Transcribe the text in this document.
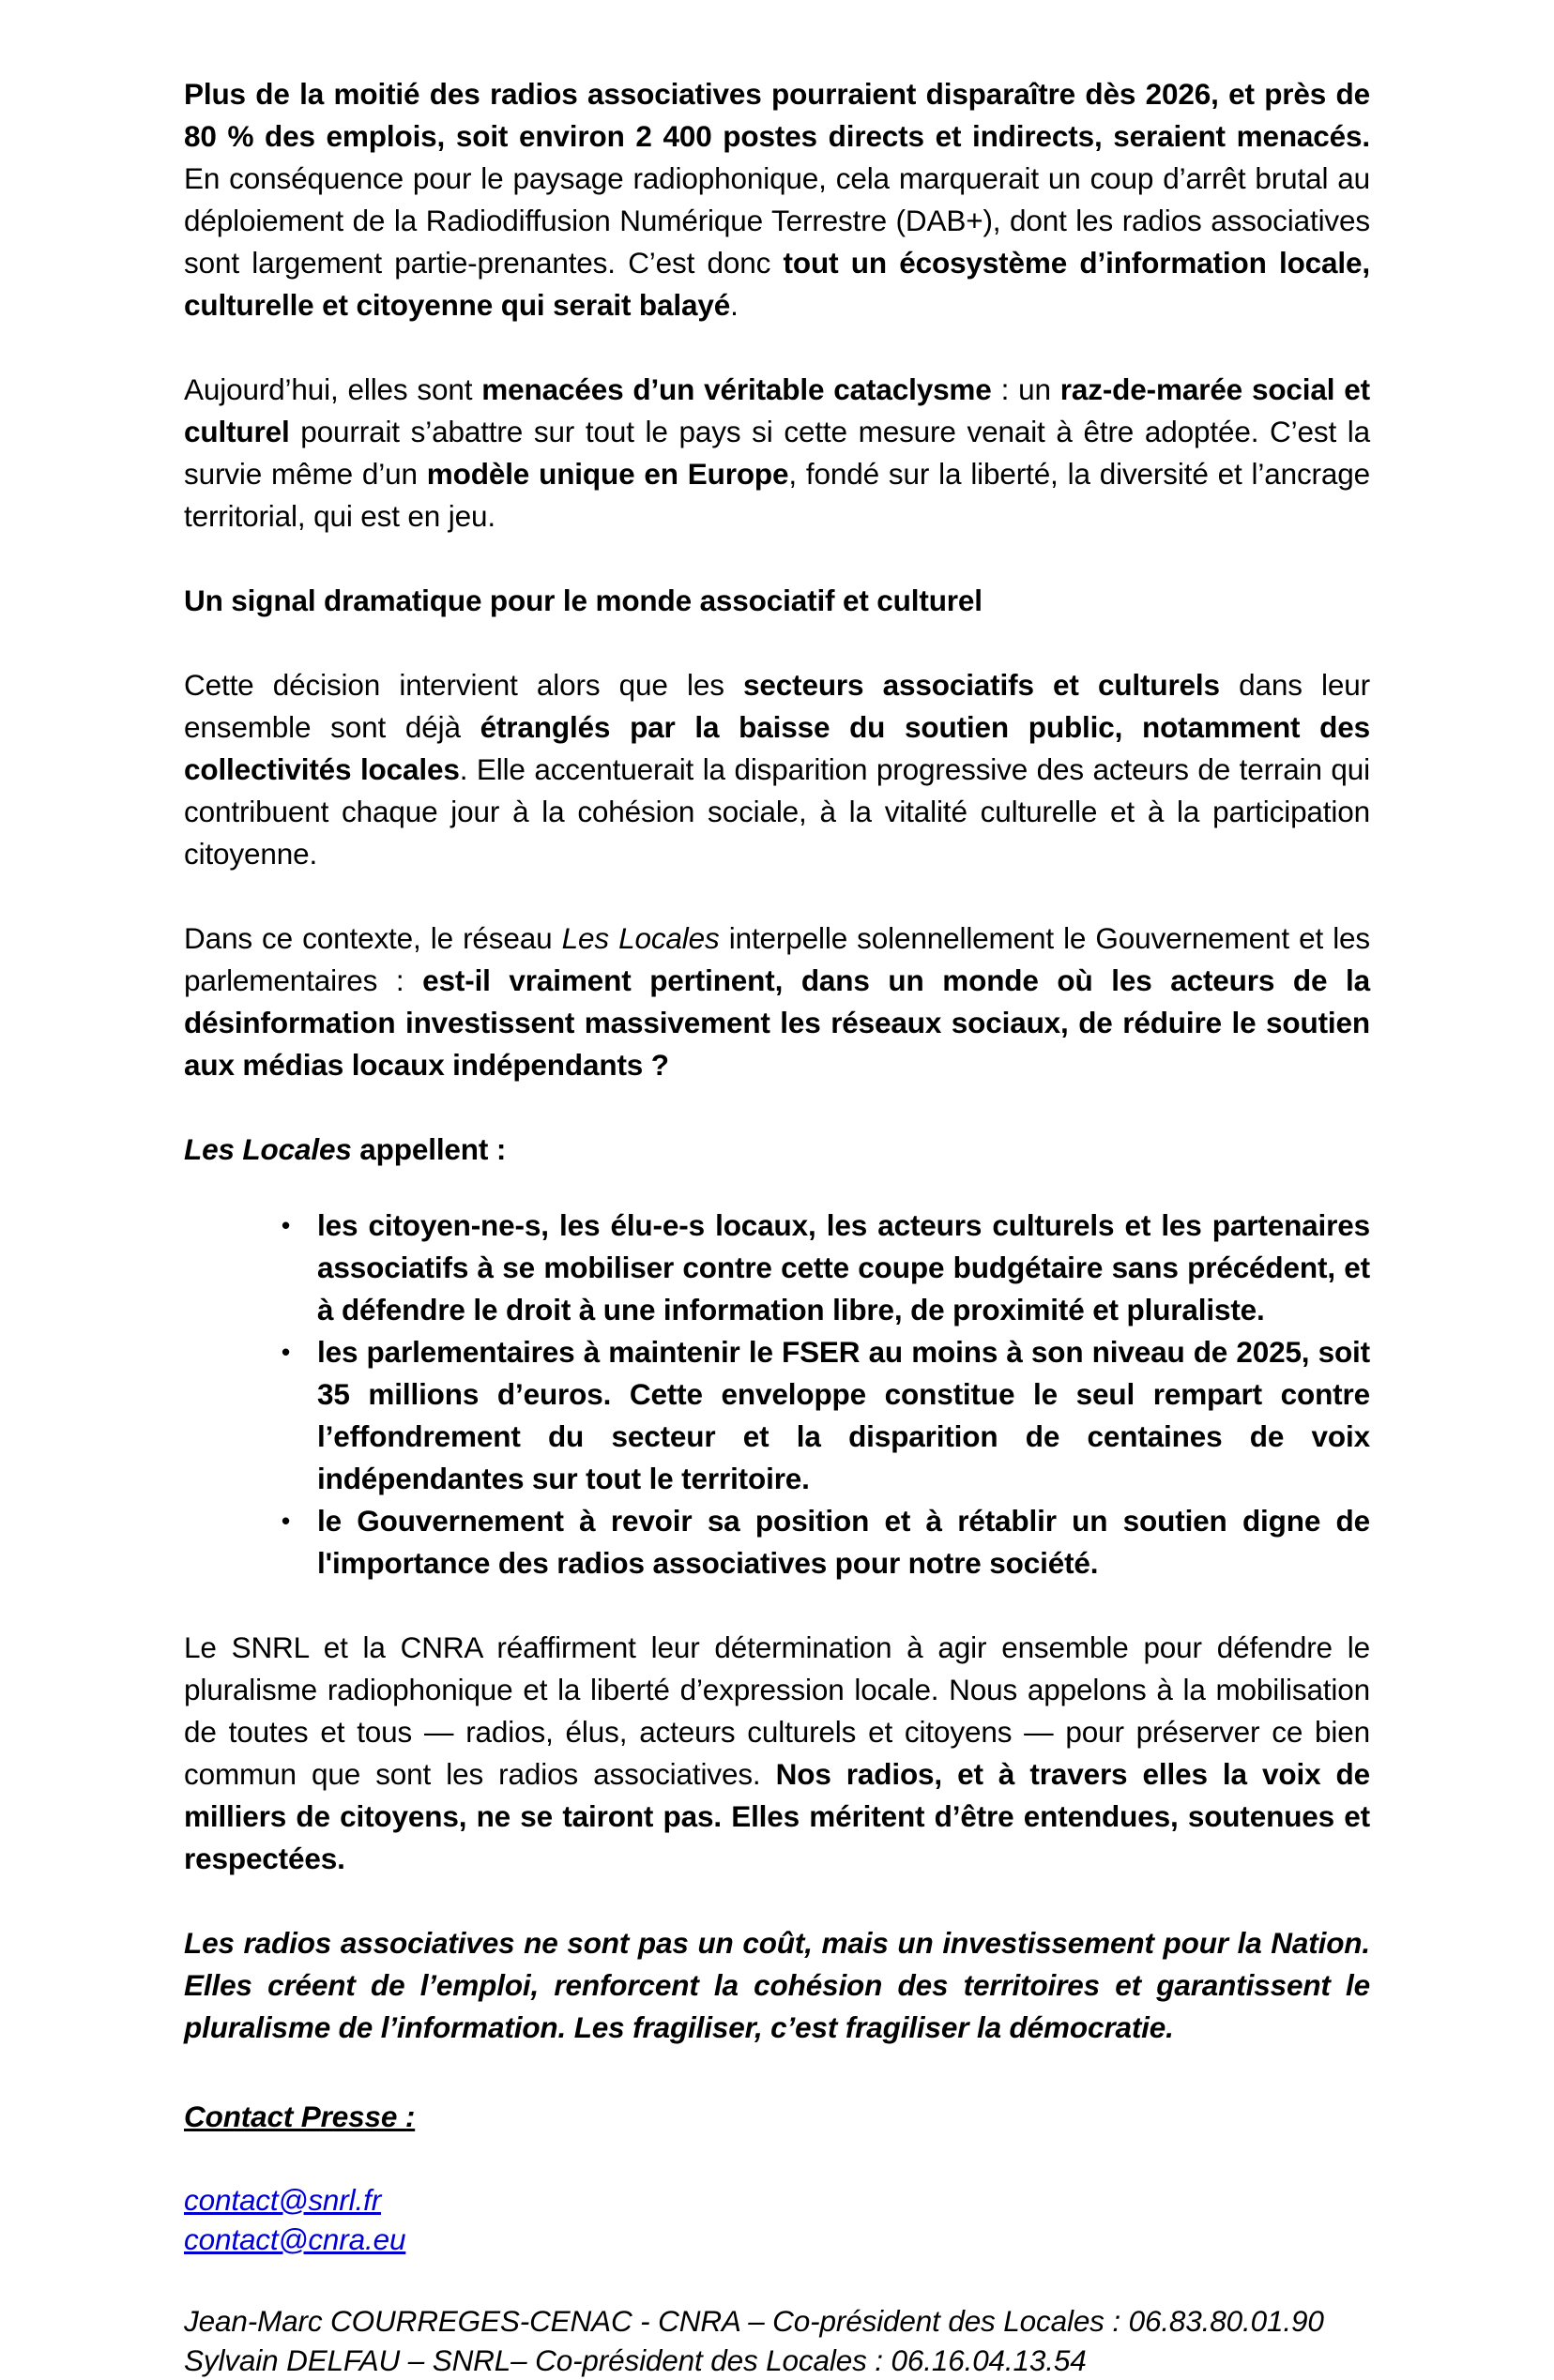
Plus de la moitié des radios associatives pourraient disparaître dès 2026, et près de 80 % des emplois, soit environ 2 400 postes directs et indirects, seraient menacés. En conséquence pour le paysage radiophonique, cela marquerait un coup d’arrêt brutal au déploiement de la Radiodiffusion Numérique Terrestre (DAB+), dont les radios associatives sont largement partie-prenantes. C’est donc tout un écosystème d’information locale, culturelle et citoyenne qui serait balayé.

Aujourd’hui, elles sont menacées d’un véritable cataclysme : un raz-de-marée social et culturel pourrait s’abattre sur tout le pays si cette mesure venait à être adoptée. C’est la survie même d’un modèle unique en Europe, fondé sur la liberté, la diversité et l’ancrage territorial, qui est en jeu.

Un signal dramatique pour le monde associatif et culturel

Cette décision intervient alors que les secteurs associatifs et culturels dans leur ensemble sont déjà étranglés par la baisse du soutien public, notamment des collectivités locales. Elle accentuerait la disparition progressive des acteurs de terrain qui contribuent chaque jour à la cohésion sociale, à la vitalité culturelle et à la participation citoyenne.

Dans ce contexte, le réseau Les Locales interpelle solennellement le Gouvernement et les parlementaires : est-il vraiment pertinent, dans un monde où les acteurs de la désinformation investissent massivement les réseaux sociaux, de réduire le soutien aux médias locaux indépendants ?

Les Locales appellent :

• les citoyen-ne-s, les élu-e-s locaux, les acteurs culturels et les partenaires associatifs à se mobiliser contre cette coupe budgétaire sans précédent, et à défendre le droit à une information libre, de proximité et pluraliste.
• les parlementaires à maintenir le FSER au moins à son niveau de 2025, soit 35 millions d’euros. Cette enveloppe constitue le seul rempart contre l’effondrement du secteur et la disparition de centaines de voix indépendantes sur tout le territoire.
• le Gouvernement à revoir sa position et à rétablir un soutien digne de l'importance des radios associatives pour notre société.

Le SNRL et la CNRA réaffirment leur détermination à agir ensemble pour défendre le pluralisme radiophonique et la liberté d’expression locale. Nous appelons à la mobilisation de toutes et tous — radios, élus, acteurs culturels et citoyens — pour préserver ce bien commun que sont les radios associatives. Nos radios, et à travers elles la voix de milliers de citoyens, ne se tairont pas. Elles méritent d’être entendues, soutenues et respectées.

Les radios associatives ne sont pas un coût, mais un investissement pour la Nation. Elles créent de l’emploi, renforcent la cohésion des territoires et garantissent le pluralisme de l’information. Les fragiliser, c’est fragiliser la démocratie.

Contact Presse :
contact@snrl.fr
contact@cnra.eu
Jean-Marc COURREGES-CENAC - CNRA – Co-président des Locales : 06.83.80.01.90
Sylvain DELFAU – SNRL– Co-président des Locales : 06.16.04.13.54
